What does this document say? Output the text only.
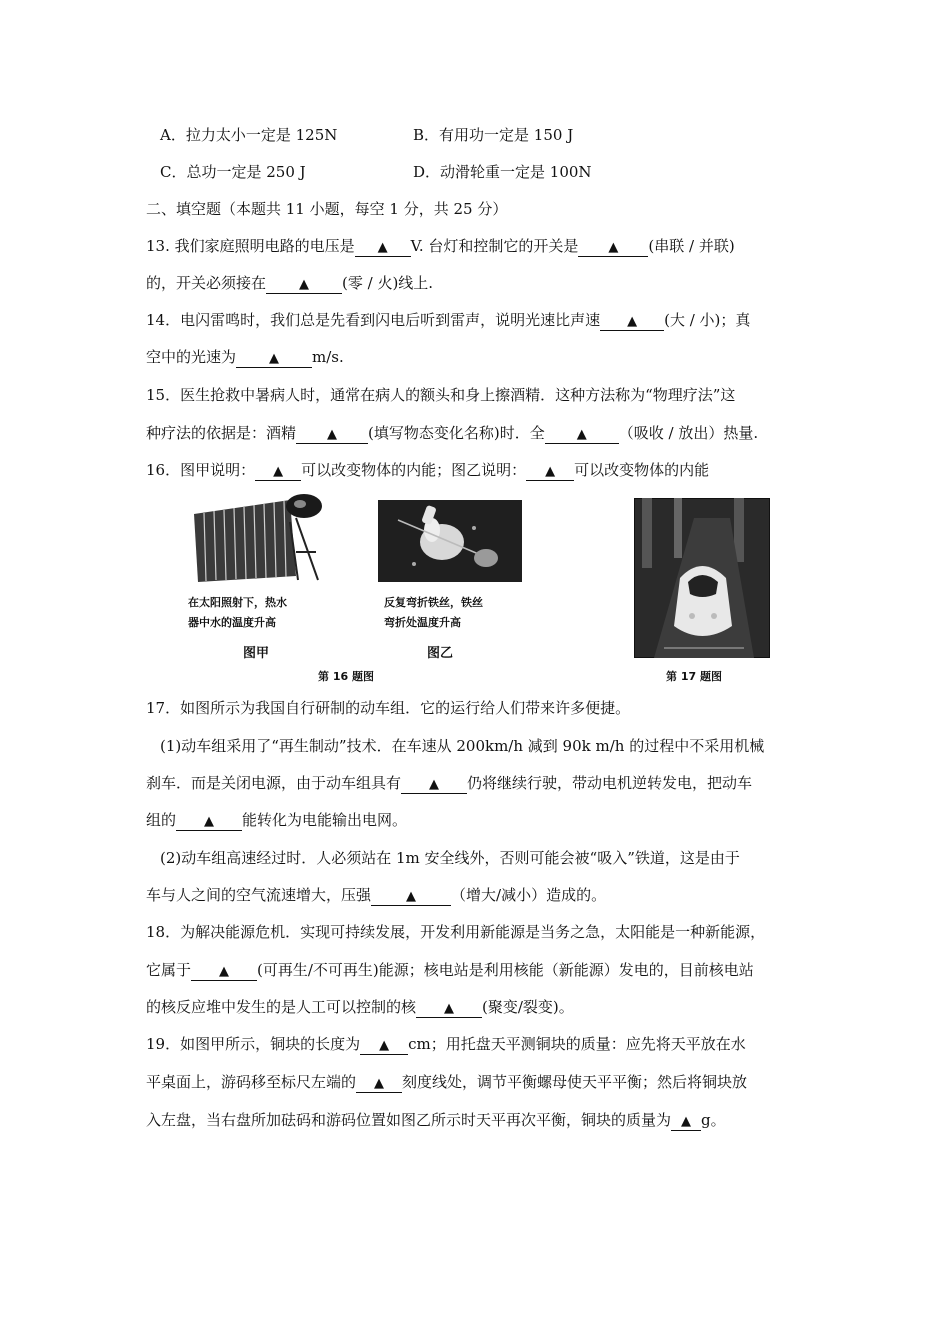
A．拉力太小一定是 125N	B．有用功一定是 150 J
C．总功一定是 250 J	D．动滑轮重一定是 100N
二、填空题（本题共 11 小题，每空 1 分，共 25 分）
13. 我们家庭照明电路的电压是 ▲ V. 台灯和控制它的开关是 ▲ (串联 / 并联)
的，开关必须接在	▲ (零 / 火)线上.
14．电闪雷鸣时，我们总是先看到闪电后听到雷声，说明光速比声速 ▲ (大 / 小)；真
空中的光速为	▲ m/s.
15．医生抢救中暑病人时，通常在病人的额头和身上擦酒精．这种方法称为“物理疗法”这
种疗法的依据是：酒精 ▲ (填写物态变化名称)时．全 ▲ （吸收 / 放出）热量.
16．图甲说明： ▲ 可以改变物体的内能；图乙说明： ▲ 可以改变物体的内能
在太阳照射下，热水
器中水的温度升高
图甲
第 16 题图
反复弯折铁丝，铁丝
弯折处温度升高
图乙
第 17 题图
17．如图所示为我国自行研制的动车组．它的运行给人们带来许多便捷。
(1)动车组采用了“再生制动”技术．在车速从 200km/h 减到 90k m/h 的过程中不采用机械
刹车．而是关闭电源，由于动车组具有 ▲ 仍将继续行驶，带动电机逆转发电，把动车
组的 ▲ 能转化为电能输出电网。
(2)动车组高速经过时．人必须站在 1m 安全线外，否则可能会被“吸入”铁道，这是由于
车与人之间的空气流速增大，压强	▲ （增大/减小）造成的。
18．为解决能源危机．实现可持续发展，开发利用新能源是当务之急，太阳能是一种新能源，
它属于 ▲ (可再生/不可再生)能源；核电站是利用核能（新能源）发电的，目前核电站
的核反应堆中发生的是人工可以控制的核 ▲ (聚变/裂变)。
19．如图甲所示，铜块的长度为 ▲ cm；用托盘天平测铜块的质量：应先将天平放在水
平桌面上，游码移至标尺左端的 ▲ 刻度线处，调节平衡螺母使天平平衡；然后将铜块放
入左盘，当右盘所加砝码和游码位置如图乙所示时天平再次平衡，铜块的质量为 ▲ g。
